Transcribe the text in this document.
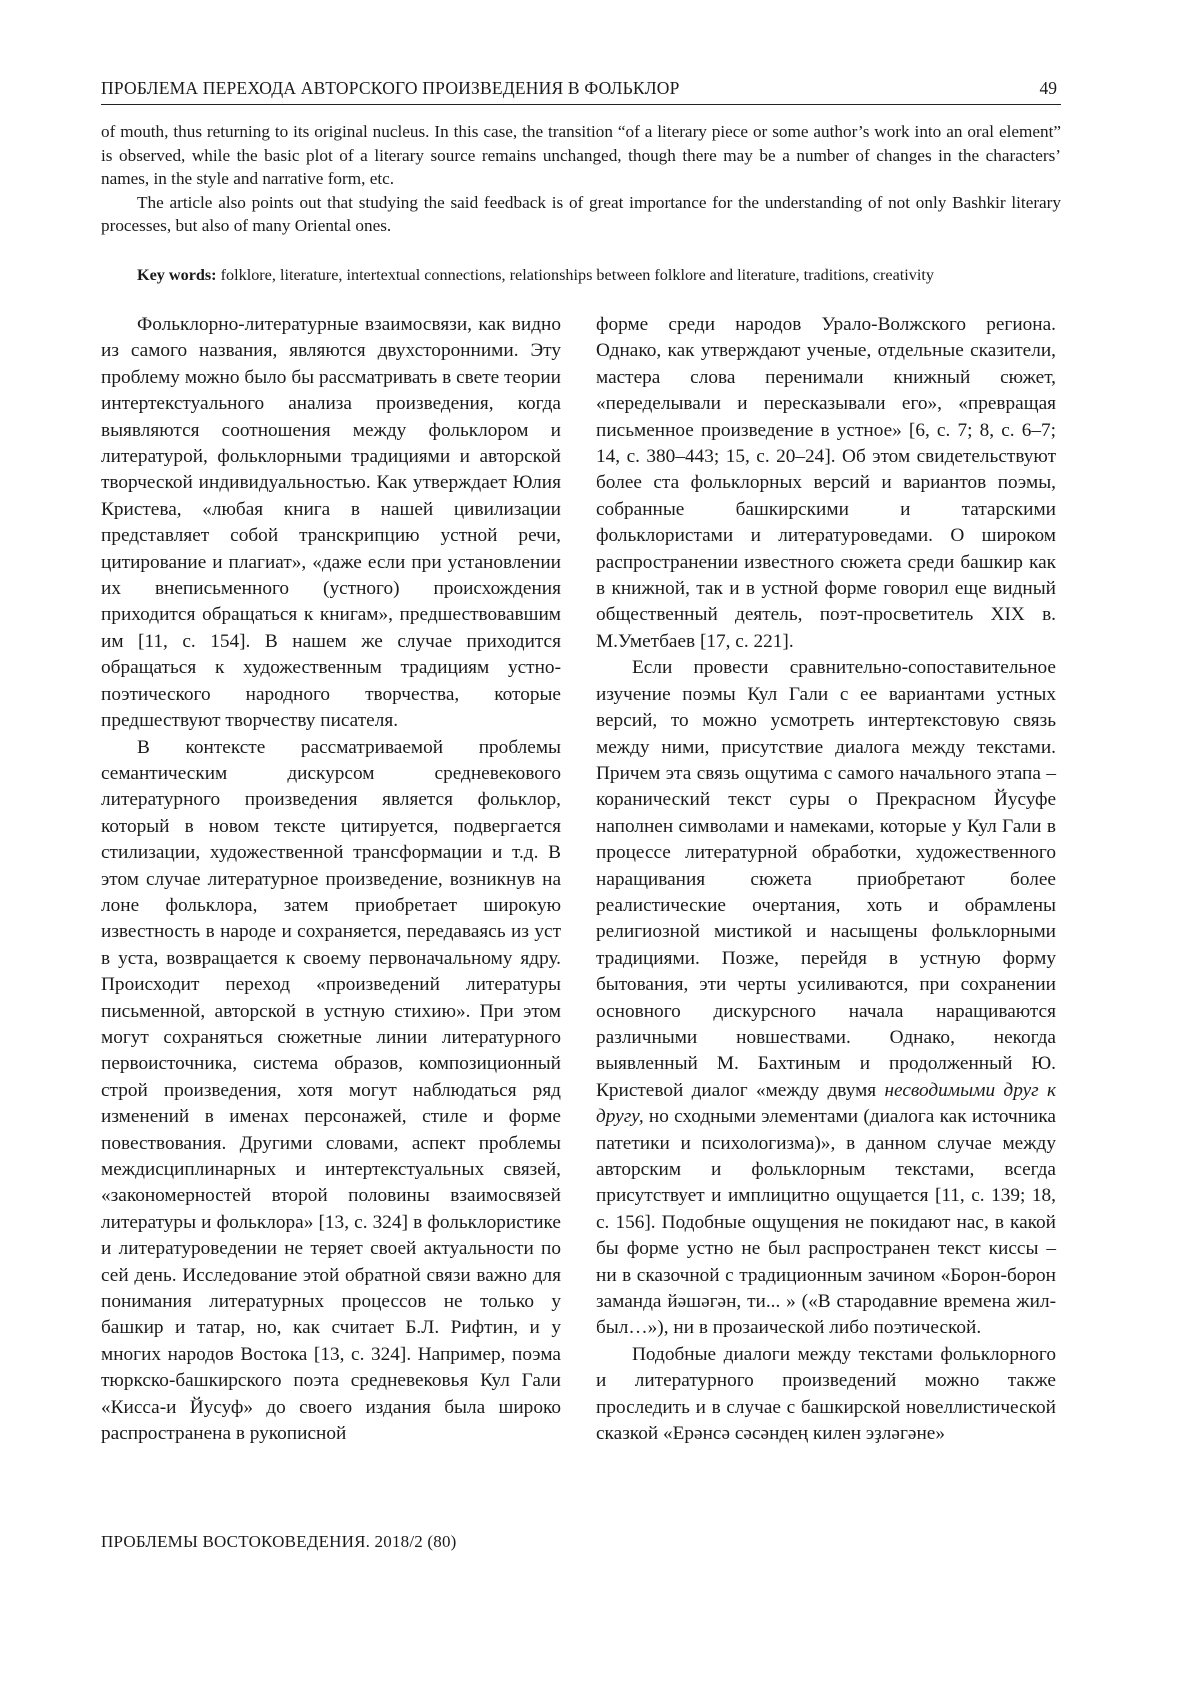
ПРОБЛЕМА ПЕРЕХОДА АВТОРСКОГО ПРОИЗВЕДЕНИЯ В ФОЛЬКЛОР	49

of mouth, thus returning to its original nucleus. In this case, the transition “of a literary piece or some author’s work into an oral element” is observed, while the basic plot of a literary source remains unchanged, though there may be a number of changes in the characters’ names, in the style and narrative form, etc.

The article also points out that studying the said feedback is of great importance for the understanding of not only Bashkir literary processes, but also of many Oriental ones.

Key words: folklore, literature, intertextual connections, relationships between folklore and literature, traditions, creativity

Фольклорно-литературные взаимосвязи, как видно из самого названия, являются двухсторонними. Эту проблему можно было бы рассматривать в свете теории интертекстуального анализа произведения, когда выявляются соотношения между фольклором и литературой, фольклорными традициями и авторской творческой индивидуальностью. Как утверждает Юлия Кристева, «любая книга в нашей цивилизации представляет собой транскрипцию устной речи, цитирование и плагиат», «даже если при установлении их внеписьменного (устного) происхождения приходится обращаться к книгам», предшествовавшим им [11, с. 154]. В нашем же случае приходится обращаться к художественным традициям устно-поэтического народного творчества, которые предшествуют творчеству писателя.

В контексте рассматриваемой проблемы семантическим дискурсом средневекового литературного произведения является фольклор, который в новом тексте цитируется, подвергается стилизации, художественной трансформации и т.д. В этом случае литературное произведение, возникнув на лоне фольклора, затем приобретает широкую известность в народе и сохраняется, передаваясь из уст в уста, возвращается к своему первоначальному ядру. Происходит переход «произведений литературы письменной, авторской в устную стихию». При этом могут сохраняться сюжетные линии литературного первоисточника, система образов, композиционный строй произведения, хотя могут наблюдаться ряд изменений в именах персонажей, стиле и форме повествования. Другими словами, аспект проблемы междисциплинарных и интертекстуальных связей, «закономерностей второй половины взаимосвязей литературы и фольклора» [13, с. 324] в фольклористике и литературоведении не теряет своей актуальности по сей день. Исследование этой обратной связи важно для понимания литературных процессов не только у башкир и татар, но, как считает Б.Л. Рифтин, и у многих народов Востока [13, с. 324]. Например, поэма тюркско-башкирского поэта средневековья Кул Гали «Кисса-и Йусуф» до своего издания была широко распространена в рукописной

форме среди народов Урало-Волжского региона. Однако, как утверждают ученые, отдельные сказители, мастера слова перенимали книжный сюжет, «переделывали и пересказывали его», «превращая письменное произведение в устное» [6, с. 7; 8, с. 6–7; 14, с. 380–443; 15, с. 20–24]. Об этом свидетельствуют более ста фольклорных версий и вариантов поэмы, собранные башкирскими и татарскими фольклористами и литературоведами. О широком распространении известного сюжета среди башкир как в книжной, так и в устной форме говорил еще видный общественный деятель, поэт-просветитель XIX в. М.Уметбаев [17, с. 221].

Если провести сравнительно-сопоставительное изучение поэмы Кул Гали с ее вариантами устных версий, то можно усмотреть интертекстовую связь между ними, присутствие диалога между текстами. Причем эта связь ощутима с самого начального этапа – коранический текст суры о Прекрасном Йусуфе наполнен символами и намеками, которые у Кул Гали в процессе литературной обработки, художественного наращивания сюжета приобретают более реалистические очертания, хоть и обрамлены религиозной мистикой и насыщены фольклорными традициями. Позже, перейдя в устную форму бытования, эти черты усиливаются, при сохранении основного дискурсного начала наращиваются различными новшествами. Однако, некогда выявленный М. Бахтиным и продолженный Ю. Кристевой диалог «между двумя несводимыми друг к другу, но сходными элементами (диалога как источника патетики и психологизма)», в данном случае между авторским и фольклорным текстами, всегда присутствует и имплицитно ощущается [11, с. 139; 18, с. 156]. Подобные ощущения не покидают нас, в какой бы форме устно не был распространен текст киссы – ни в сказочной с традиционным зачином «Борон-борон заманда йәшәгән, ти... » («В стародавние времена жил-был…»), ни в прозаической либо поэтической.

Подобные диалоги между текстами фольклорного и литературного произведений можно также проследить и в случае с башкирской новеллистической сказкой «Ерәнсә сәсәндең килен эҙләгәне»

ПРОБЛЕМЫ ВОСТОКОВЕДЕНИЯ. 2018/2 (80)
